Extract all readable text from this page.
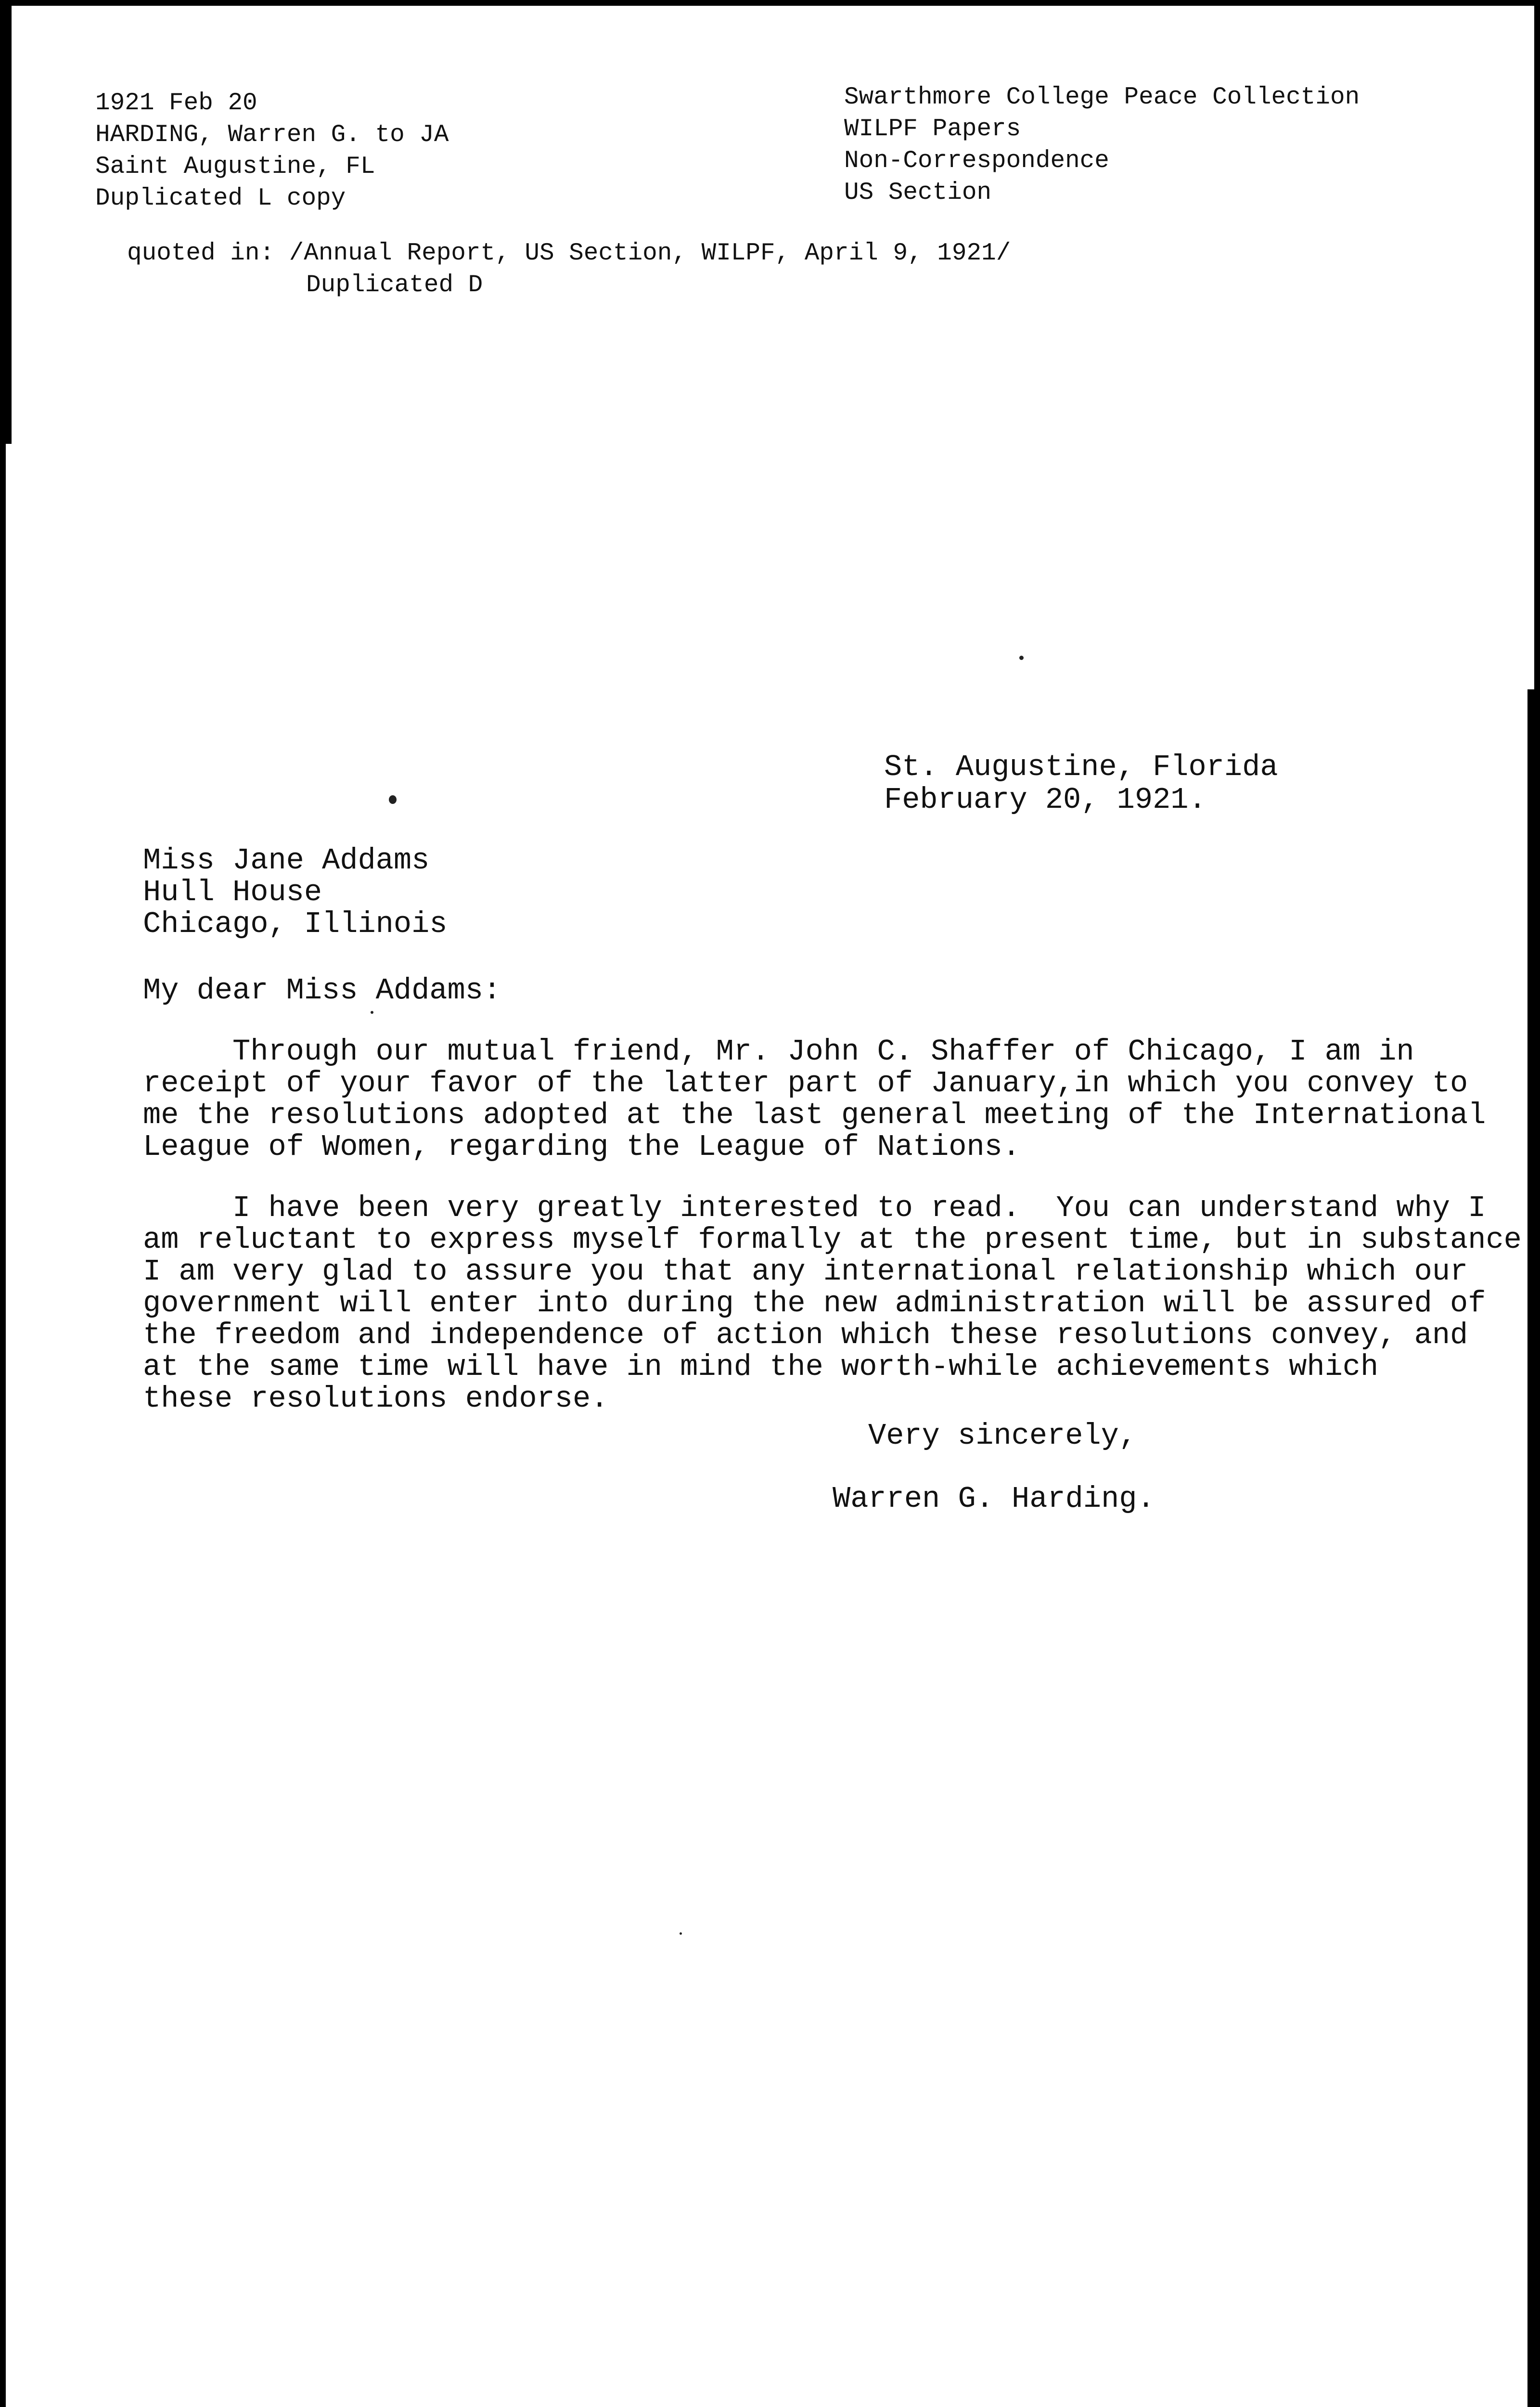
1921 Feb 20
HARDING, Warren G. to JA
Saint Augustine, FL
Duplicated L copy
Swarthmore College Peace Collection
WILPF Papers
Non-Correspondence
US Section
quoted in: /Annual Report, US Section, WILPF, April 9, 1921/
Duplicated D
St. Augustine, Florida
February 20, 1921.
Miss Jane Addams
Hull House
Chicago, Illinois
My dear Miss Addams:
Through our mutual friend, Mr. John C. Shaffer of Chicago, I am in
receipt of your favor of the latter part of January,in which you convey to
me the resolutions adopted at the last general meeting of the International
League of Women, regarding the League of Nations.
I have been very greatly interested to read.  You can understand why I
am reluctant to express myself formally at the present time, but in substance
I am very glad to assure you that any international relationship which our
government will enter into during the new administration will be assured of
the freedom and independence of action which these resolutions convey, and
at the same time will have in mind the worth-while achievements which
these resolutions endorse.
Very sincerely,
Warren G. Harding.
